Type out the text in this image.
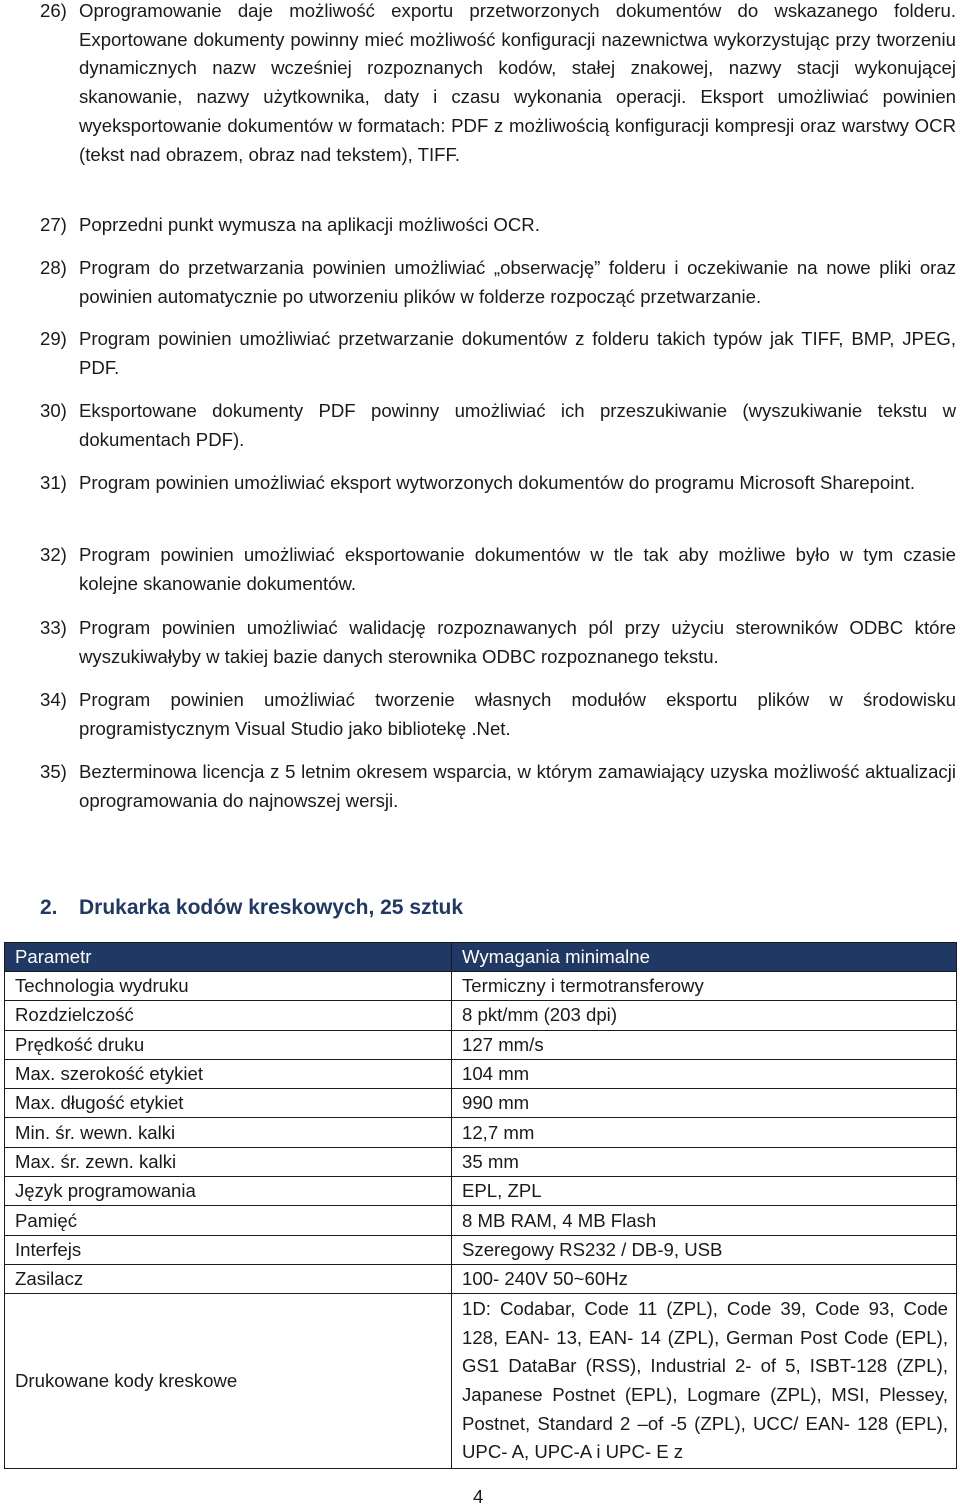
26) Oprogramowanie daje możliwość exportu przetworzonych dokumentów do wskazanego folderu. Exportowane dokumenty powinny mieć możliwość konfiguracji nazewnictwa wykorzystując przy tworzeniu dynamicznych nazw wcześniej rozpoznanych kodów, stałej znakowej, nazwy stacji wykonującej skanowanie, nazwy użytkownika, daty i czasu wykonania operacji. Eksport umożliwiać powinien wyeksportowanie dokumentów w formatach: PDF z możliwością konfiguracji kompresji oraz warstwy OCR (tekst nad obrazem, obraz nad tekstem), TIFF.
27) Poprzedni punkt wymusza na aplikacji możliwości OCR.
28) Program do przetwarzania powinien umożliwiać „obserwację” folderu i oczekiwanie na nowe pliki oraz powinien automatycznie po utworzeniu plików w folderze rozpocząć przetwarzanie.
29) Program powinien umożliwiać przetwarzanie dokumentów z folderu takich typów jak TIFF, BMP, JPEG, PDF.
30) Eksportowane dokumenty PDF powinny umożliwiać ich przeszukiwanie (wyszukiwanie tekstu w dokumentach PDF).
31) Program powinien umożliwiać eksport wytworzonych dokumentów do programu Microsoft Sharepoint.
32) Program powinien umożliwiać eksportowanie dokumentów w tle tak aby możliwe było w tym czasie kolejne skanowanie dokumentów.
33) Program powinien umożliwiać walidację rozpoznawanych pól przy użyciu sterowników ODBC które wyszukiwałyby w takiej bazie danych sterownika ODBC rozpoznanego tekstu.
34) Program powinien umożliwiać tworzenie własnych modułów eksportu plików w środowisku programistycznym Visual Studio jako bibliotekę .Net.
35) Bezterminowa licencja z 5 letnim okresem wsparcia, w którym zamawiający uzyska możliwość aktualizacji oprogramowania do najnowszej wersji.
2. Drukarka kodów kreskowych, 25 sztuk
Parametr	Wymagania minimalne
Technologia wydruku	Termiczny i termotransferowy
Rozdzielczość	8 pkt/mm (203 dpi)
Prędkość druku	127 mm/s
Max. szerokość etykiet	104 mm
Max. długość etykiet	990 mm
Min. śr. wewn. kalki	12,7 mm
Max. śr. zewn. kalki	35 mm
Język programowania	EPL, ZPL
Pamięć	8 MB RAM, 4 MB Flash
Interfejs	Szeregowy RS232 / DB-9, USB
Zasilacz	100- 240V 50~60Hz
Drukowane kody kreskowe	1D: Codabar, Code 11 (ZPL), Code 39, Code 93, Code 128, EAN- 13, EAN- 14 (ZPL), German Post Code (EPL), GS1 DataBar (RSS), Industrial 2- of 5, ISBT-128 (ZPL), Japanese Postnet (EPL), Logmare (ZPL), MSI, Plessey, Postnet, Standard 2 –of -5 (ZPL), UCC/ EAN- 128 (EPL), UPC- A, UPC-A i UPC- E z
4
